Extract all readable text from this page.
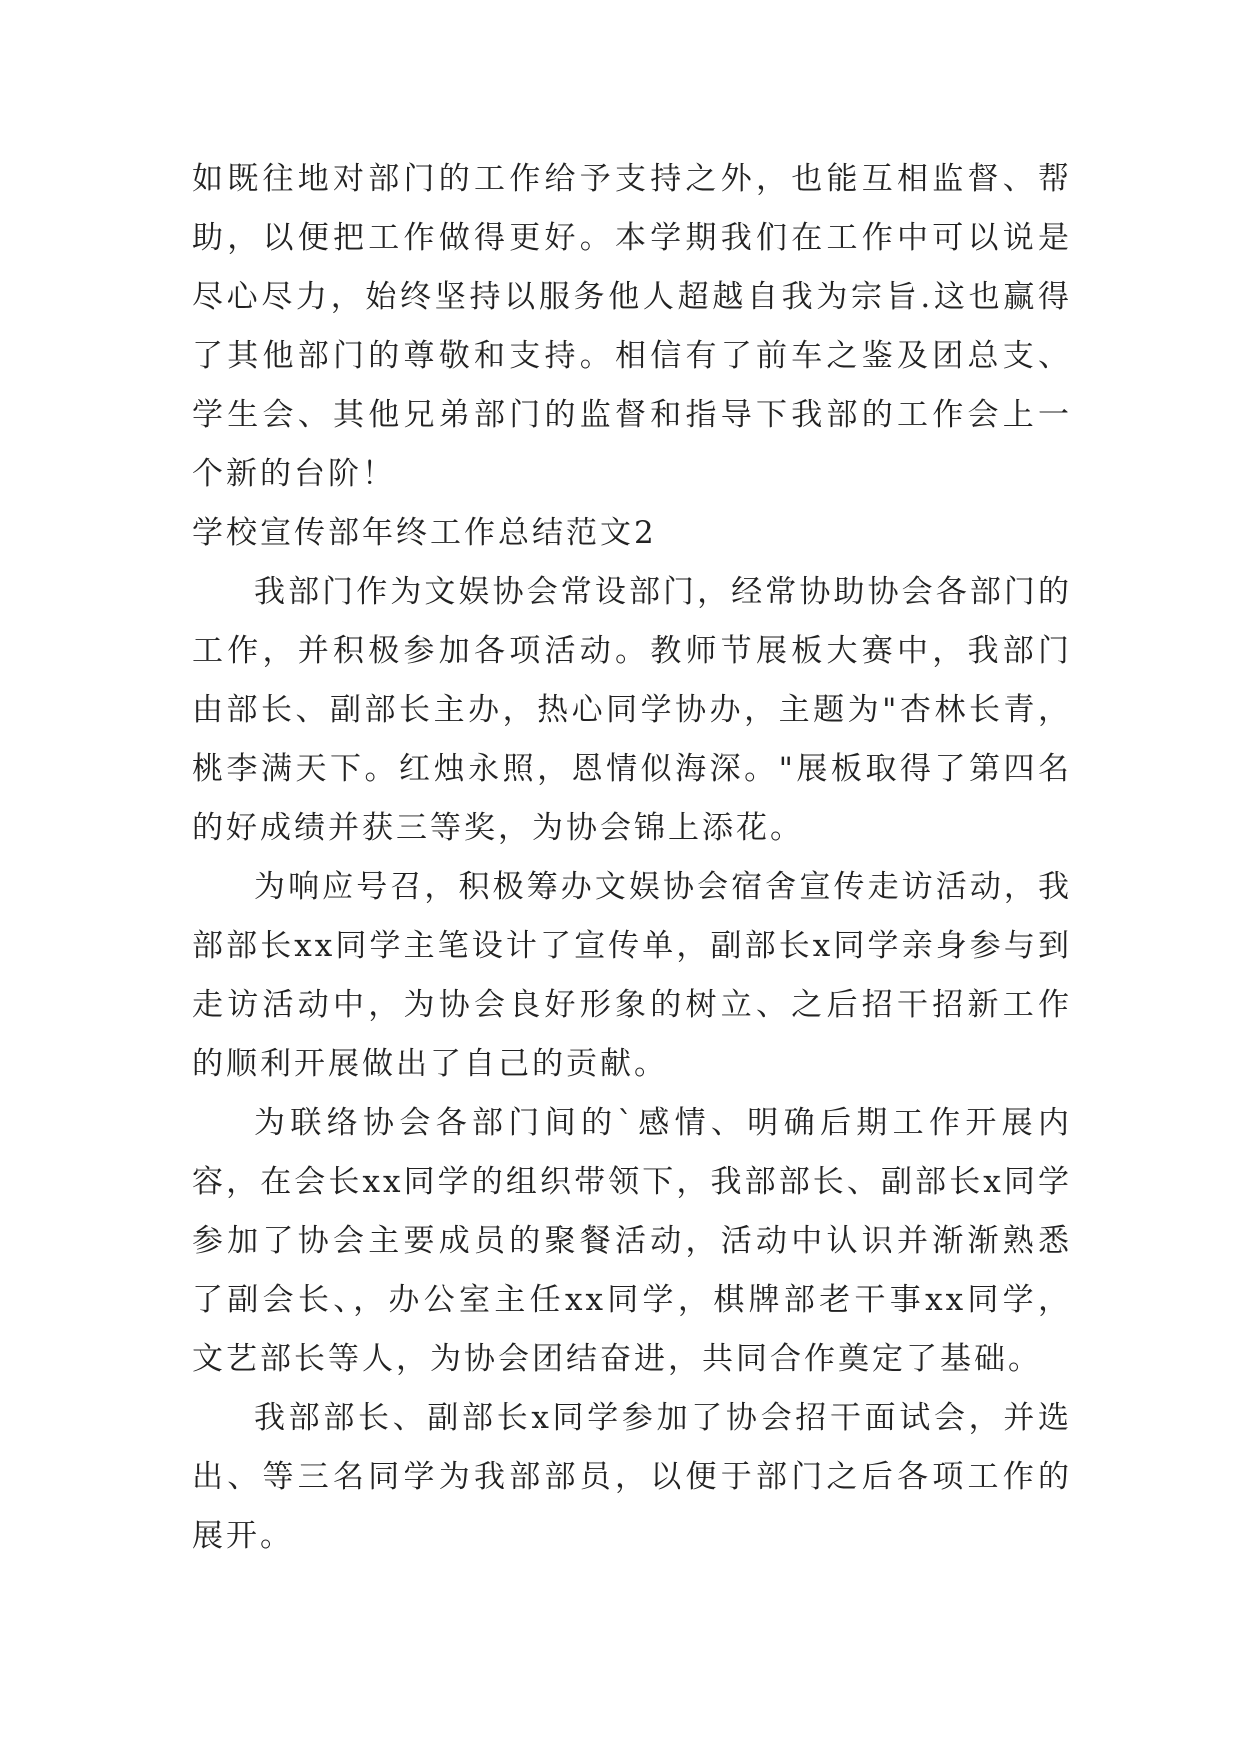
如既往地对部门的工作给予支持之外，也能互相监督、帮助，以便把工作做得更好。本学期我们在工作中可以说是尽心尽力，始终坚持以服务他人超越自我为宗旨.这也赢得了其他部门的尊敬和支持。相信有了前车之鉴及团总支、学生会、其他兄弟部门的监督和指导下我部的工作会上一个新的台阶！

学校宣传部年终工作总结范文2

我部门作为文娱协会常设部门，经常协助协会各部门的工作，并积极参加各项活动。教师节展板大赛中，我部门由部长、副部长主办，热心同学协办，主题为"杏林长青，桃李满天下。红烛永照，恩情似海深。"展板取得了第四名的好成绩并获三等奖，为协会锦上添花。

为响应号召，积极筹办文娱协会宿舍宣传走访活动，我部部长xx同学主笔设计了宣传单，副部长x同学亲身参与到走访活动中，为协会良好形象的树立、之后招干招新工作的顺利开展做出了自己的贡献。

为联络协会各部门间的`感情、明确后期工作开展内容，在会长xx同学的组织带领下，我部部长、副部长x同学参加了协会主要成员的聚餐活动，活动中认识并渐渐熟悉了副会长、，办公室主任xx同学，棋牌部老干事xx同学，文艺部长等人，为协会团结奋进，共同合作奠定了基础。

我部部长、副部长x同学参加了协会招干面试会，并选出、等三名同学为我部部员，以便于部门之后各项工作的展开。
